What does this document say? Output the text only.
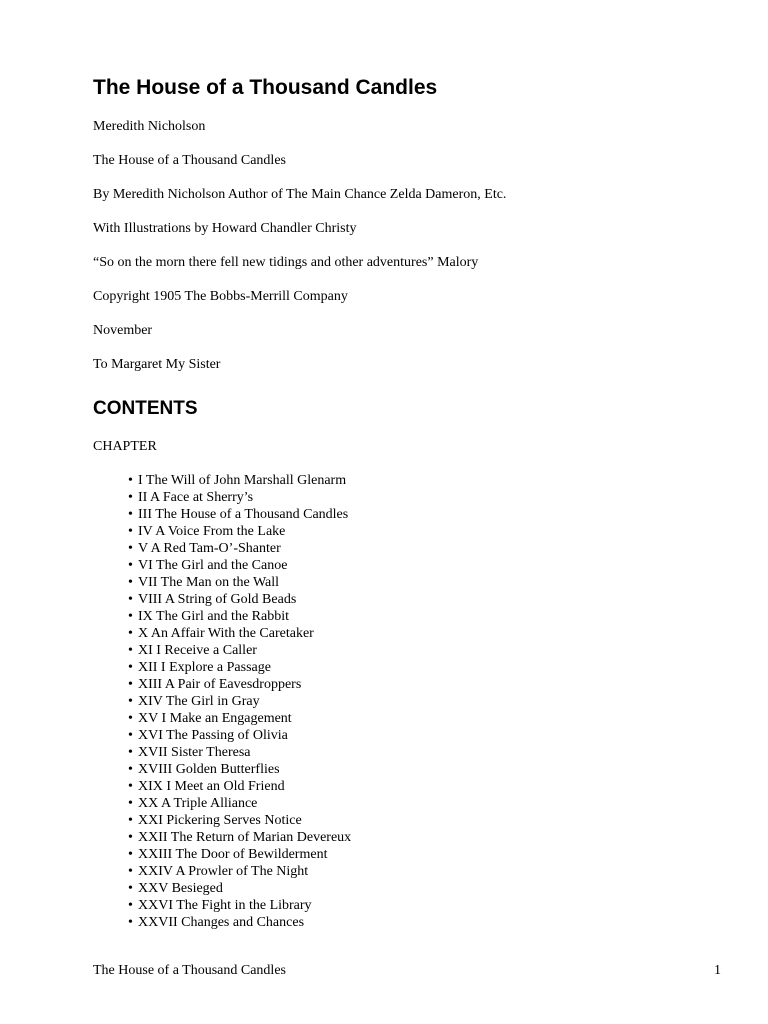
The House of a Thousand Candles

Meredith Nicholson

The House of a Thousand Candles

By Meredith Nicholson Author of The Main Chance Zelda Dameron, Etc.

With Illustrations by Howard Chandler Christy

“So on the morn there fell new tidings and other adventures” Malory

Copyright 1905 The Bobbs-Merrill Company

November

To Margaret My Sister

CONTENTS

CHAPTER

• I The Will of John Marshall Glenarm
• II A Face at Sherry’s
• III The House of a Thousand Candles
• IV A Voice From the Lake
• V A Red Tam-O’-Shanter
• VI The Girl and the Canoe
• VII The Man on the Wall
• VIII A String of Gold Beads
• IX The Girl and the Rabbit
• X An Affair With the Caretaker
• XI I Receive a Caller
• XII I Explore a Passage
• XIII A Pair of Eavesdroppers
• XIV The Girl in Gray
• XV I Make an Engagement
• XVI The Passing of Olivia
• XVII Sister Theresa
• XVIII Golden Butterflies
• XIX I Meet an Old Friend
• XX A Triple Alliance
• XXI Pickering Serves Notice
• XXII The Return of Marian Devereux
• XXIII The Door of Bewilderment
• XXIV A Prowler of The Night
• XXV Besieged
• XXVI The Fight in the Library
• XXVII Changes and Chances
The House of a Thousand Candles	1
